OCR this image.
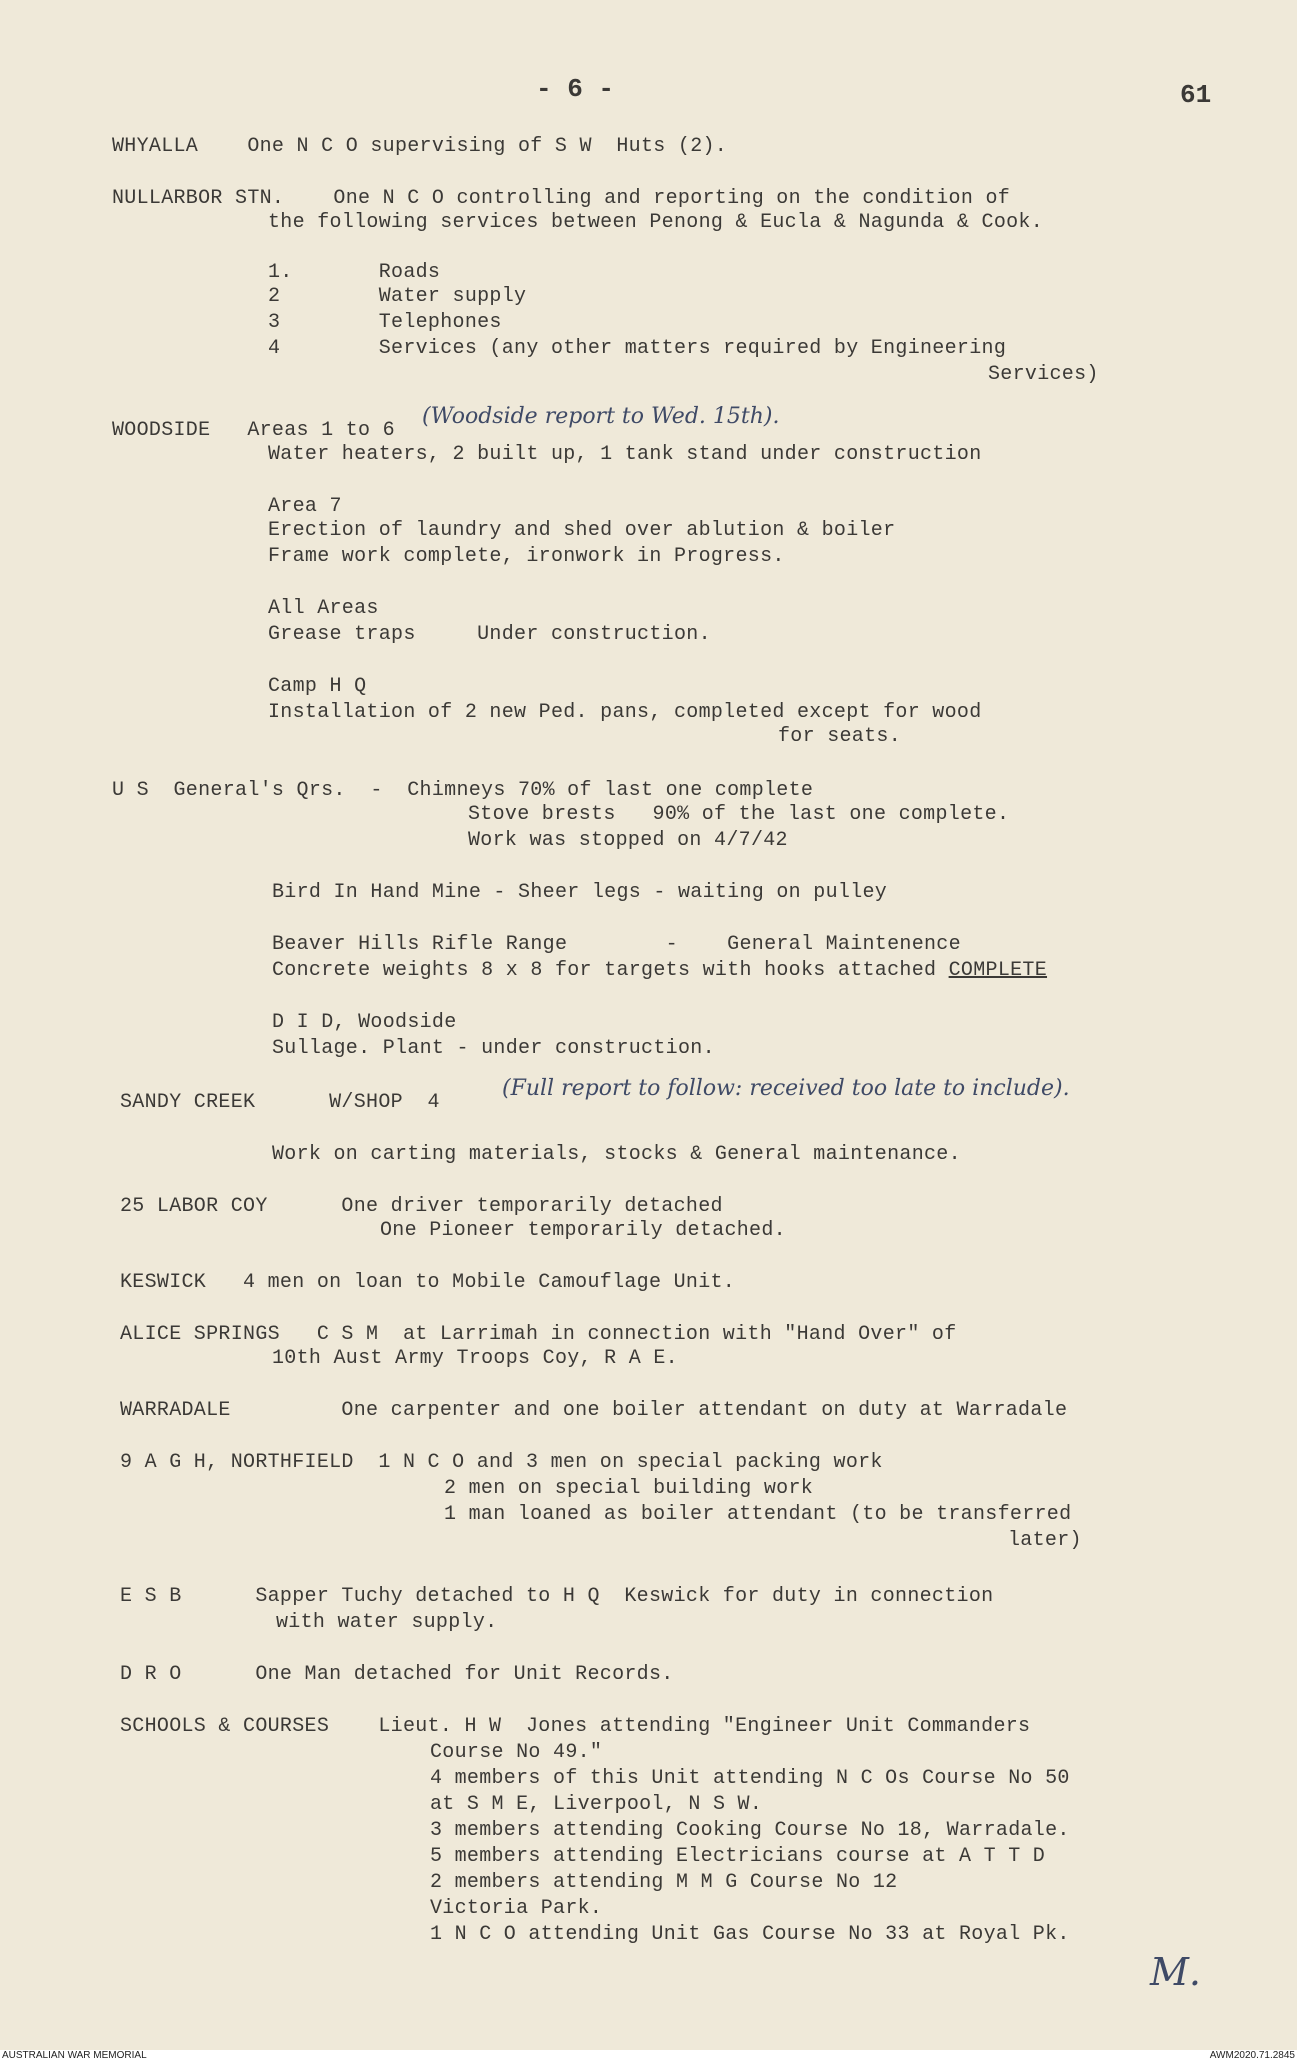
- 6 -	61
WHYALLA    One N C O supervising of S W  Huts (2).
NULLARBOR STN.    One N C O controlling and reporting on the condition of
the following services between Penong & Eucla & Nagunda & Cook.
1.       Roads
2        Water supply
3        Telephones
4        Services (any other matters required by Engineering
Services)
WOODSIDE   Areas 1 to 6
(Woodside report to Wed. 15th).
Water heaters, 2 built up, 1 tank stand under construction
Area 7
Erection of laundry and shed over ablution & boiler
Frame work complete, ironwork in Progress.
All Areas
Grease traps     Under construction.
Camp H Q
Installation of 2 new Ped. pans, completed except for wood
for seats.
U S  General's Qrs.  -  Chimneys 70% of last one complete
Stove brests   90% of the last one complete.
Work was stopped on 4/7/42
Bird In Hand Mine - Sheer legs - waiting on pulley
Beaver Hills Rifle Range        -    General Maintenence
Concrete weights 8 x 8 for targets with hooks attached COMPLETE
D I D, Woodside
Sullage. Plant - under construction.
SANDY CREEK      W/SHOP  4
(Full report to follow: received too late to include).
Work on carting materials, stocks & General maintenance.
25 LABOR COY      One driver temporarily detached
One Pioneer temporarily detached.
KESWICK   4 men on loan to Mobile Camouflage Unit.
ALICE SPRINGS   C S M  at Larrimah in connection with "Hand Over" of
10th Aust Army Troops Coy, R A E.
WARRADALE         One carpenter and one boiler attendant on duty at Warradale
9 A G H, NORTHFIELD  1 N C O and 3 men on special packing work
2 men on special building work
1 man loaned as boiler attendant (to be transferred
later)
E S B      Sapper Tuchy detached to H Q  Keswick for duty in connection
with water supply.
D R O      One Man detached for Unit Records.
SCHOOLS & COURSES    Lieut. H W  Jones attending "Engineer Unit Commanders
Course No 49."
4 members of this Unit attending N C Os Course No 50
at S M E, Liverpool, N S W.
3 members attending Cooking Course No 18, Warradale.
5 members attending Electricians course at A T T D
2 members attending M M G Course No 12
Victoria Park.
1 N C O attending Unit Gas Course No 33 at Royal Pk.
M.
AUSTRALIAN WAR MEMORIAL	AWM2020.71.2845
